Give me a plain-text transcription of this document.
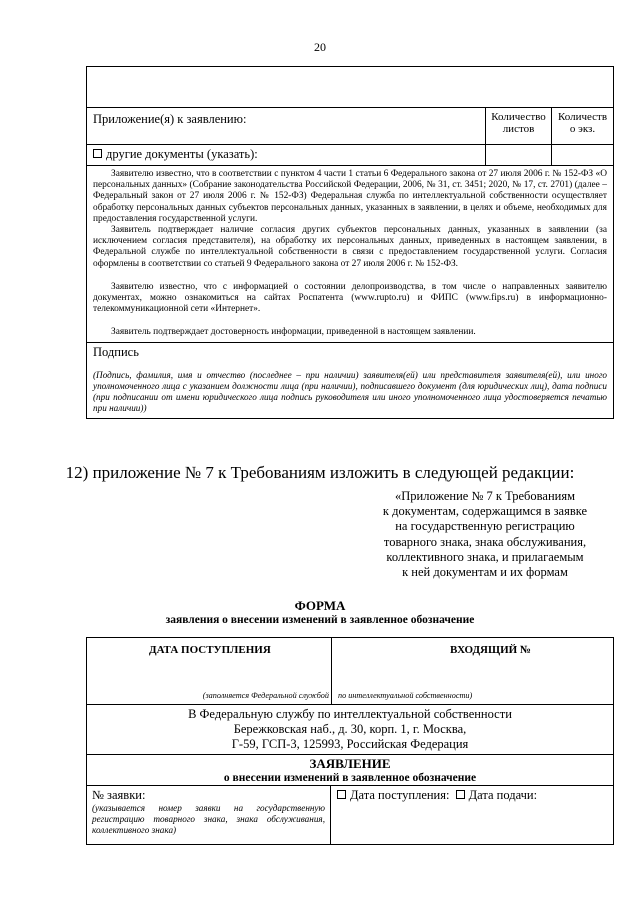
20
Приложение(я) к заявлению:	Количество листов
Количеств о экз.
другие документы (указать):

Заявителю известно, что в соответствии с пунктом 4 части 1 статьи 6 Федерального закона от 27 июля 2006 г. № 152-ФЗ «О персональных данных» (Собрание законодательства Российской Федерации, 2006, № 31, ст. 3451; 2020, № 17, ст. 2701) (далее – Федеральный закон от 27 июля 2006 г. № 152-ФЗ) Федеральная служба по интеллектуальной собственности осуществляет обработку персональных данных субъектов персональных данных, указанных в заявлении, в целях и объеме, необходимых для предоставления государственной услуги.

Заявитель подтверждает наличие согласия других субъектов персональных данных, указанных в заявлении (за исключением согласия представителя), на обработку их персональных данных, приведенных в настоящем заявлении, в Федеральной службе по интеллектуальной собственности в связи с предоставлением государственной услуги. Согласия оформлены в соответствии со статьей 9 Федерального закона от 27 июля 2006 г. № 152-ФЗ.

Заявителю известно, что с информацией о состоянии делопроизводства, в том числе о направленных заявителю документах, можно ознакомиться на сайтах Роспатента (www.rupto.ru) и ФИПС (www.fips.ru) в информационно-телекоммуникационной сети «Интернет».

Заявитель подтверждает достоверность информации, приведенной в настоящем заявлении.

Подпись
(Подпись, фамилия, имя и отчество (последнее – при наличии) заявителя(ей) или представителя заявителя(ей), или иного уполномоченного лица с указанием должности лица (при наличии), подписавшего документ (для юридических лиц), дата подписи (при подписании от имени юридического лица подпись руководителя или иного уполномоченного лица удостоверяется печатью при наличии))
12) приложение № 7 к Требованиям изложить в следующей редакции:
«Приложение № 7 к Требованиям
к документам, содержащимся в заявке
на государственную регистрацию
товарного знака, знака обслуживания,
коллективного знака, и прилагаемым
к ней документам и их формам
ФОРМА
заявления о внесении изменений в заявленное обозначение
ДАТА ПОСТУПЛЕНИЯ
(заполняется Федеральной службой
ВХОДЯЩИЙ №
по интеллектуальной собственности)
В Федеральную службу по интеллектуальной собственности
Бережковская наб., д. 30, корп. 1, г. Москва,
Г-59, ГСП-3, 125993, Российская Федерация
ЗАЯВЛЕНИЕ
о внесении изменений в заявленное обозначение
№ заявки:
(указывается номер заявки на государственную регистрацию товарного знака, знака обслуживания, коллективного знака)
Дата поступления: Дата подачи:
